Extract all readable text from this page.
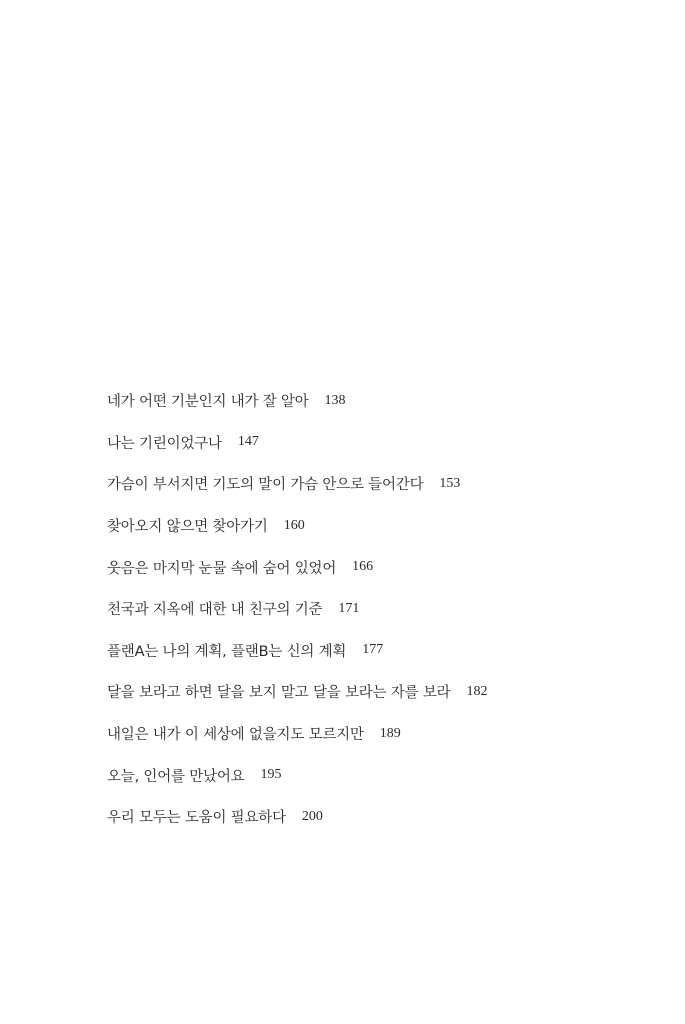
네가 어떤 기분인지 내가 잘 알아 138
나는 기린이었구나 147
가슴이 부서지면 기도의 말이 가슴 안으로 들어간다 153
찾아오지 않으면 찾아가기 160
웃음은 마지막 눈물 속에 숨어 있었어 166
천국과 지옥에 대한 내 친구의 기준 171
플랜A는 나의 계획, 플랜B는 신의 계획 177
달을 보라고 하면 달을 보지 말고 달을 보라는 자를 보라 182
내일은 내가 이 세상에 없을지도 모르지만 189
오늘, 인어를 만났어요 195
우리 모두는 도움이 필요하다 200
